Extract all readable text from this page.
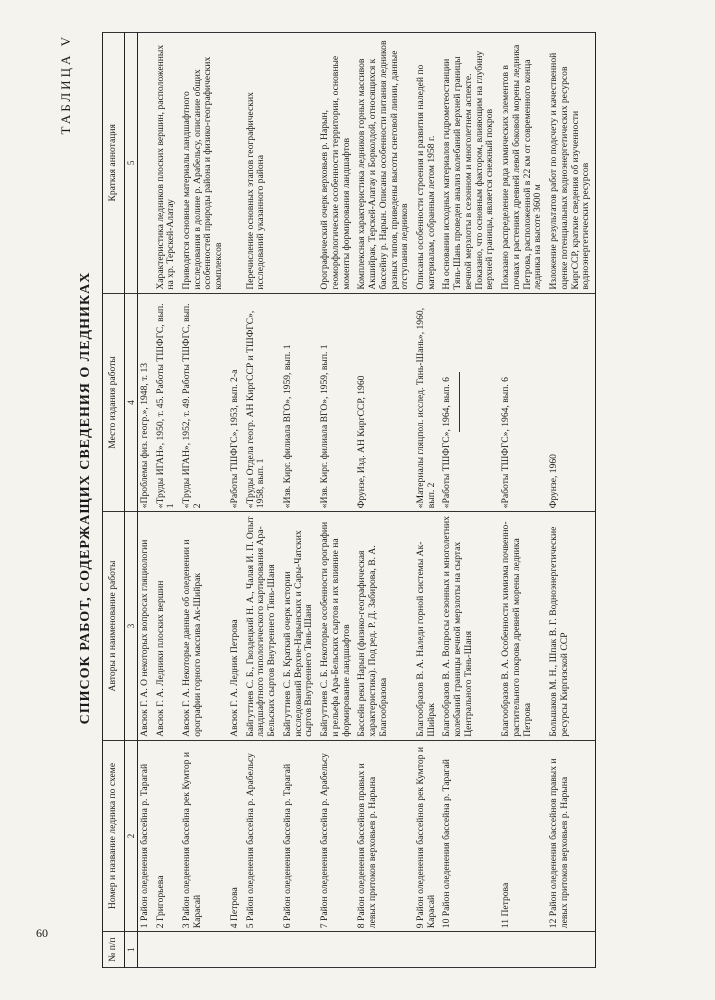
60
ТАБЛИЦА V
СПИСОК РАБОТ, СОДЕРЖАЩИХ СВЕДЕНИЯ О ЛЕДНИКАХ
№ п/п	Номер и название ледника по схеме	Авторы и наименование работы	Место издания работы	Краткая аннотация
1	2	3	4	5
	1 Район оледенения бассейна р. Тарагай	Авсюк Г. А. О некоторых вопросах гляциологии	«Проблемы физ. геогр.», 1948, т. 13	
	2 Григорьева	Авсюк Г. А. Ледники плоских вершин	«Труды ИГАН», 1950, т. 45. Работы ТШФГС, вып. 1	Характеристика ледников плоских вершин, расположенных на хр. Терскей-Алатау
	3 Район оледенения бассейна рек Кумтор и Карасай	Авсюк Г. А. Некоторые данные об оледенении и орографии горного массива Ак-Шийрак	«Труды ИГАН», 1952, т. 49. Работы ТШФГС, вып. 2	Приводятся основные материалы ландшафтного исследования в долине р. Арабельсу, описание общих особенностей природы района и физико-географических комплексов
	4 Петрова	Авсюк Г. А. Ледник Петрова	«Работы ТШФГС», 1953, вып. 2-а	
	5 Район оледенения бассейна р. Арабельсу	Байгуттиев С. Б., Гвоздецкий Н. А., Чалая И. П. Опыт ландшафтного типологического картирования Ара-Бельских сыртов Внутреннего Тянь-Шаня	«Труды Отдела геогр. АН КиргССР и ТШФГС», 1958, вып. 1	Перечисление основных этапов географических исследований указанного района
	6 Район оледенения бассейна р. Тарагай	Байгуттиев С. Б. Краткий очерк истории исследований Верхне-Нарынских и Сары-Чатских сыртов Внутреннего Тянь-Шаня	«Изв. Кирг. филиала ВГО», 1959, вып. 1	
	7 Район оледенения бассейна р. Арабельсу	Байгуттиев С. Б. Некоторые особенности орографии и рельефа Ара-Бельских сыртов и их влияние на формирование ландшафтов	«Изв. Кирг. филиала ВГО», 1959, вып. 1	Орографический очерк верховьев р. Нарын, геоморфологические особенности территории, основные моменты формирования ландшафтов
	8 Район оледенения бассейнов правых и левых притоков верховьев р. Нарына	Бассейн реки Нарын (физико-географическая характеристика). Под ред. Р. Д. Забирова, В. А. Благообразова	Фрунзе, Изд. АН КиргССР, 1960	Комплексная характеристика ледников горных массивов Акшийрак, Терскей-Алатау и Борколдой, относящихся к бассейну р. Нарын. Описаны особенности питания ледников разных типов, приведены высоты снеговой линии, данные отступания ледников
	9 Район оледенения бассейнов рек Кумтор и Карасай	Благообразов В. А. Наледи горной системы Ак-Шийрак	«Материалы гляцпол. исслед. Тянь-Шань», 1960, вып. 2	Описаны особенности строения и развития наледей по материалам, собранным летом 1958 г.
	10 Район оледенения бассейна р. Тарагай	Благообразов В. А. Вопросы сезонных и многолетних колебаний границы вечной мерзлоты на сыртах Центрального Тянь-Шаня	«Работы ТШФГС», 1964, вып. 6	На основании исходных материалов гидрометеостанции Тянь-Шань проведен анализ колебаний верхней границы вечной мерзлоты в сезонном и многолетнем аспекте. Показано, что основным фактором, влияющим на глубину верхней границы, является снежный покров
	11 Петрова	Благообразов В. А. Особенности химизма почвенно-растительного покрова древней морены ледника Петрова	«Работы ТШФГС», 1964, вып. 6	Показано распределение ряда химических элементов в почвах и растениях древней левой боковой морены ледника Петрова, расположенной в 22 км от современного конца ледника на высоте 3600 м
	12 Район оледенения бассейнов правых и левых притоков верховьев р. Нарына	Большаков М. Н., Шпак В. Г. Водноэнергетические ресурсы Киргизской ССР	Фрунзе, 1960	Изложение результатов работ по подсчету и качественной оценке потенциальных водноэнергетических ресурсов КиргССР, краткие сведения об изученности водноэнергетических ресурсов
